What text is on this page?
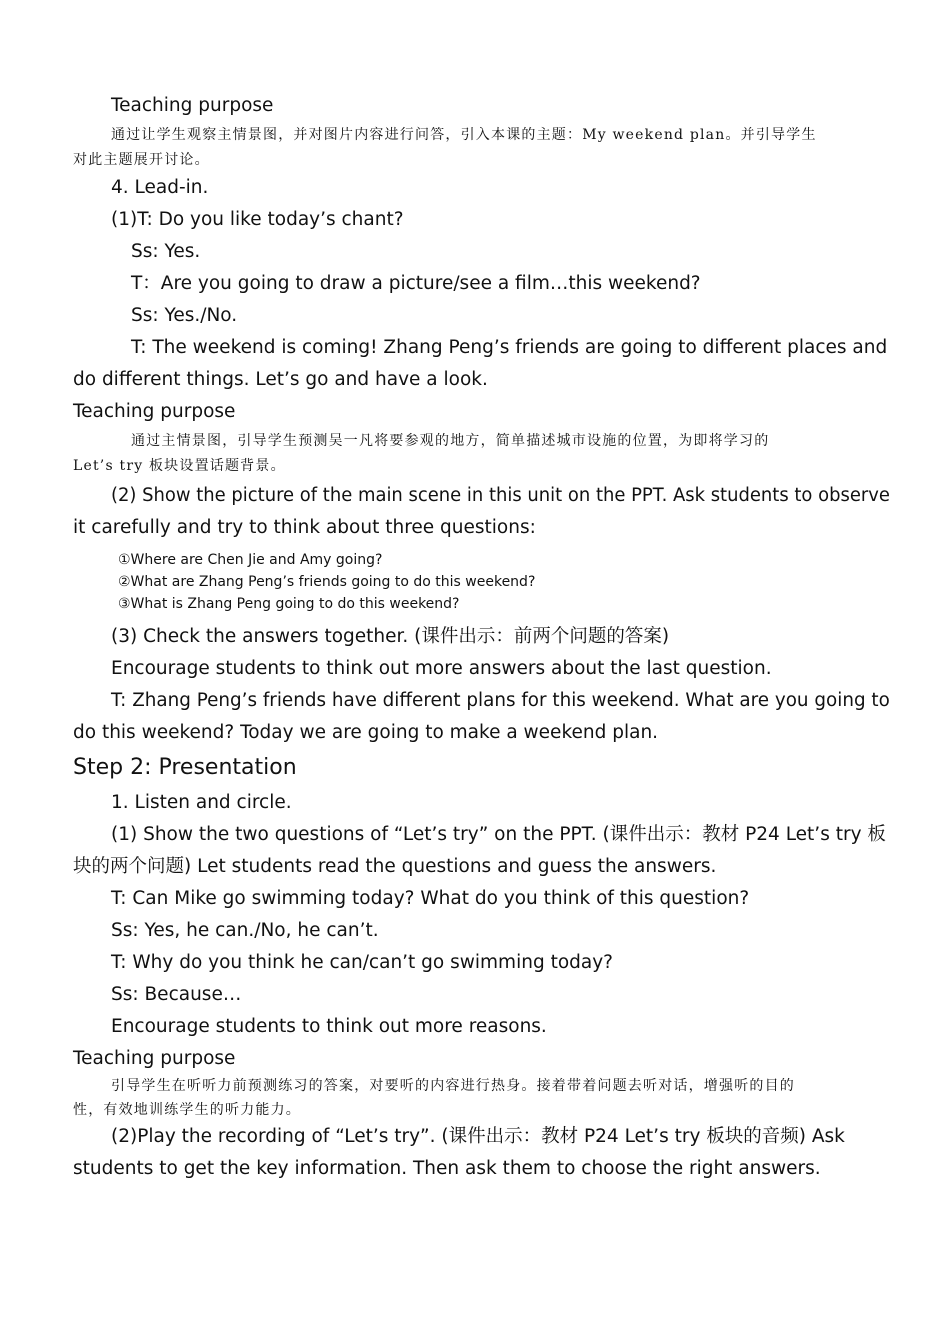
Teaching purpose
通过让学生观察主情景图，并对图片内容进行问答，引入本课的主题：My weekend plan。并引导学生
对此主题展开讨论。
4. Lead-in.
(1)T: Do you like today’s chant?
Ss: Yes.
T：Are you going to draw a picture/see a film…this weekend?
Ss: Yes./No.
T: The weekend is coming! Zhang Peng’s friends are going to different places and
do different things. Let’s go and have a look.
Teaching purpose
通过主情景图，引导学生预测吴一凡将要参观的地方，简单描述城市设施的位置，为即将学习的
Let’s try 板块设置话题背景。
(2) Show the picture of the main scene in this unit on the PPT. Ask students to observe
it carefully and try to think about three questions:
①Where are Chen Jie and Amy going?
②What are Zhang Peng’s friends going to do this weekend?
③What is Zhang Peng going to do this weekend?
(3) Check the answers together. (课件出示：前两个问题的答案)
Encourage students to think out more answers about the last question.
T: Zhang Peng’s friends have different plans for this weekend. What are you going to
do this weekend? Today we are going to make a weekend plan.
Step 2: Presentation
1. Listen and circle.
(1) Show the two questions of “Let’s try” on the PPT. (课件出示：教材 P24 Let’s try 板
块的两个问题) Let students read the questions and guess the answers.
T: Can Mike go swimming today? What do you think of this question?
Ss: Yes, he can./No, he can’t.
T: Why do you think he can/can’t go swimming today?
Ss: Because…
Encourage students to think out more reasons.
Teaching purpose
引导学生在听听力前预测练习的答案，对要听的内容进行热身。接着带着问题去听对话，增强听的目的
性，有效地训练学生的听力能力。
(2)Play the recording of “Let’s try”. (课件出示：教材 P24 Let’s try 板块的音频) Ask
students to get the key information. Then ask them to choose the right answers.
